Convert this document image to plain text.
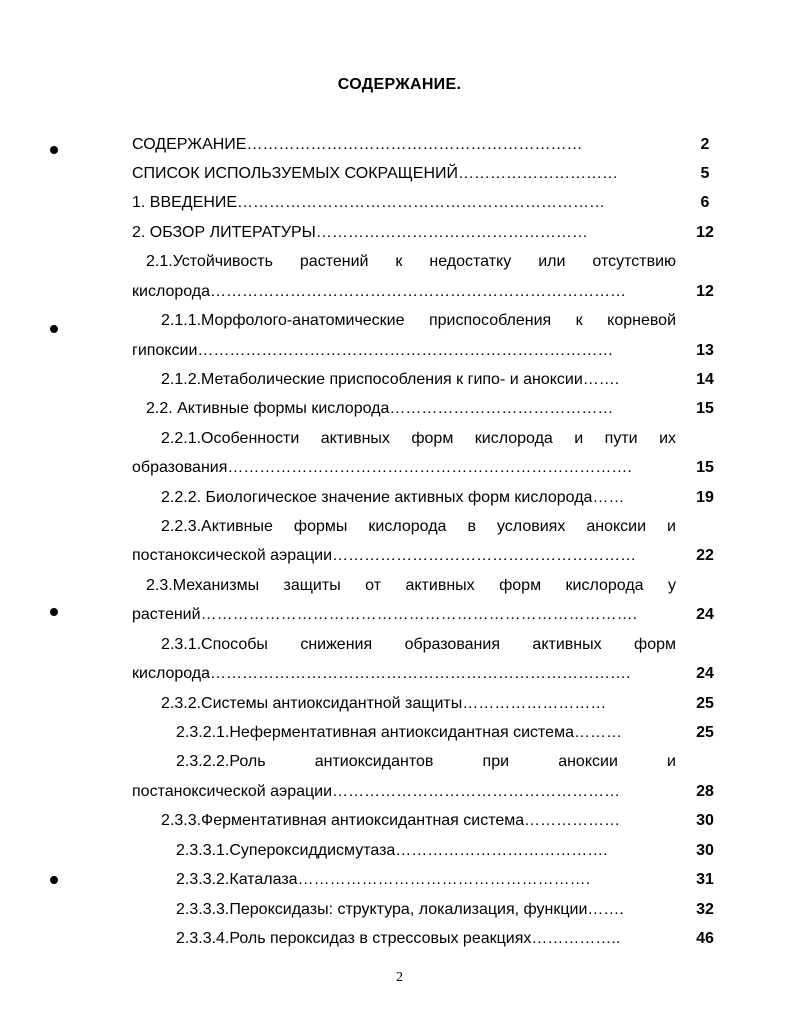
СОДЕРЖАНИЕ.
СОДЕРЖАНИЕ………………………………………………………	2
СПИСОК ИСПОЛЬЗУЕМЫХ СОКРАЩЕНИЙ…………………………	5
1. ВВЕДЕНИЕ……………………………………………………………	6
2. ОБЗОР ЛИТЕРАТУРЫ……………………………………………	12
2.1.Устойчивость растений к недостатку или отсутствию
кислорода……………………………………………………………………	12
2.1.1.Морфолого-анатомические приспособления к корневой
гипоксии……………………………………………………………………	13
2.1.2.Метаболические приспособления к гипо- и аноксии…….	14
2.2. Активные формы кислорода……………………………………	15
2.2.1.Особенности активных форм кислорода и пути их
образования………………………………………………………………….	15
2.2.2. Биологическое значение активных форм кислорода……	19
2.2.3.Активные формы кислорода в условиях аноксии и
постаноксической аэрации…………………………………………………	22
2.3.Механизмы защиты от активных форм кислорода у
растений……………………………………………………………………….	24
2.3.1.Способы снижения образования активных форм
кислорода…………………………………………………………………….	24
2.3.2.Системы антиоксидантной защиты………………………	25
2.3.2.1.Неферментативная антиоксидантная система………	25
2.3.2.2.Роль антиоксидантов при аноксии и
постаноксической аэрации………………………………………………	28
2.3.3.Ферментативная антиоксидантная система………………	30
2.3.3.1.Супероксиддисмутаза………………………………….	30
2.3.3.2.Каталаза……………………………………………….	31
2.3.3.3.Пероксидазы: структура, локализация, функции…….	32
2.3.3.4.Роль пероксидаз в стрессовых реакциях……………..	46
2
